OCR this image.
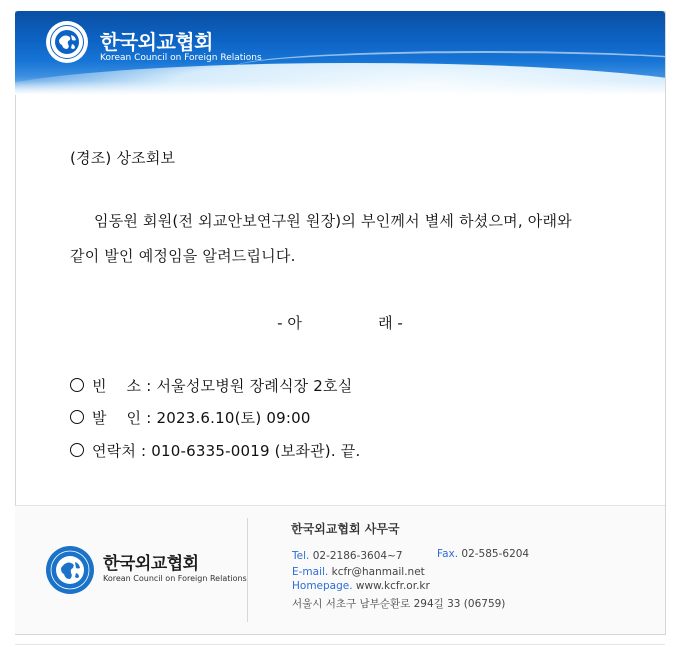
한국외교협회
Korean Council on Foreign Relations
(경조) 상조회보
임동원 회원(전 외교안보연구원 원장)의 부인께서 별세 하셨으며, 아래와
같이 발인 예정임을 알려드립니다.
- 아                래 -
빈    소 : 서울성모병원 장례식장 2호실
발    인 : 2023.6.10(토) 09:00
연락처 : 010-6335-0019 (보좌관). 끝.
한국외교협회
Korean Council on Foreign Relations
한국외교협회 사무국
Tel. 02-2186-3604~7	Fax. 02-585-6204
E-mail. kcfr@hanmail.net
Homepage. www.kcfr.or.kr
서울시 서초구 남부순환로 294길 33 (06759)
